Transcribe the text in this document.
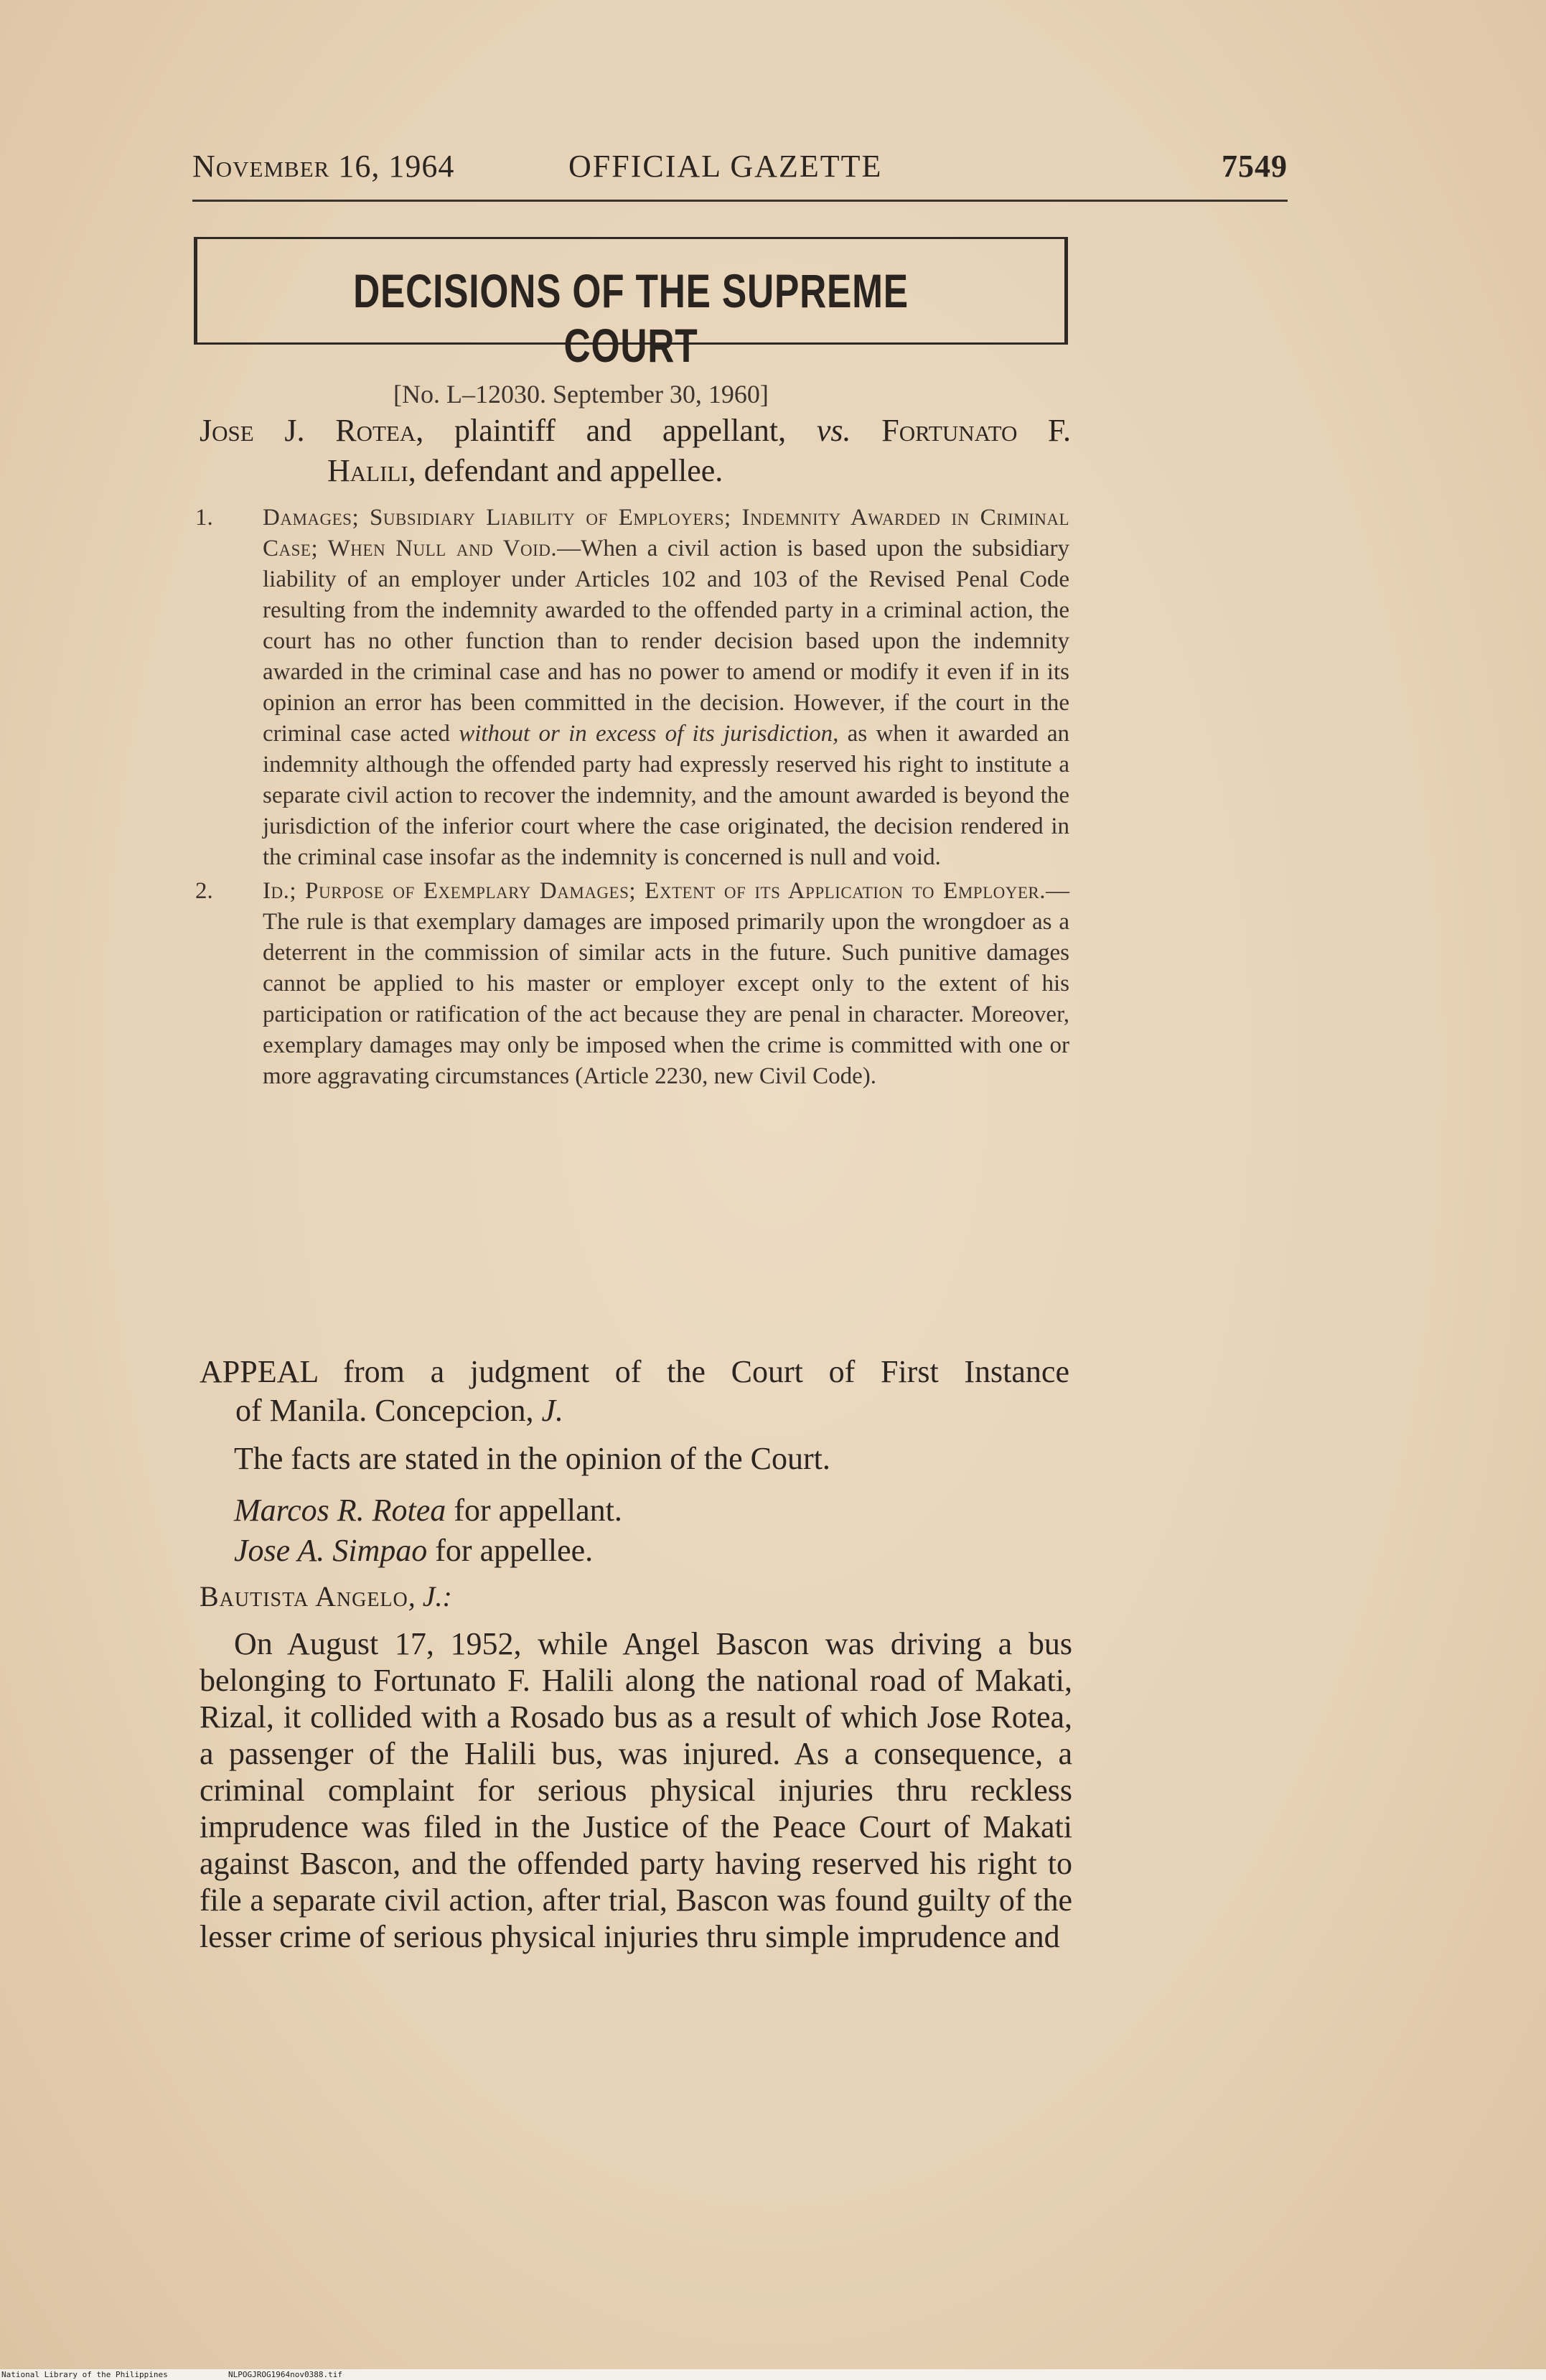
November 16, 1964	OFFICIAL GAZETTE	7549
DECISIONS OF THE SUPREME COURT
[No. L–12030. September 30, 1960]
Jose J. Rotea, plaintiff and appellant, vs. Fortunato F.
Halili, defendant and appellee.
1. Damages; Subsidiary Liability of Employers; Indemnity Awarded in Criminal Case; When Null and Void.—When a civil action is based upon the subsidiary liability of an employer under Articles 102 and 103 of the Revised Penal Code resulting from the indemnity awarded to the offended party in a criminal action, the court has no other function than to render decision based upon the indemnity awarded in the criminal case and has no power to amend or modify it even if in its opinion an error has been committed in the decision. However, if the court in the criminal case acted without or in excess of its jurisdiction, as when it awarded an indemnity although the offended party had expressly reserved his right to institute a separate civil action to recover the indemnity, and the amount awarded is beyond the jurisdiction of the inferior court where the case originated, the decision rendered in the criminal case insofar as the indemnity is concerned is null and void.
2. Id.; Purpose of Exemplary Damages; Extent of its Application to Employer.—The rule is that exemplary damages are imposed primarily upon the wrongdoer as a deterrent in the commission of similar acts in the future. Such punitive damages cannot be applied to his master or employer except only to the extent of his participation or ratification of the act because they are penal in character. Moreover, exemplary damages may only be imposed when the crime is committed with one or more aggravating circumstances (Article 2230, new Civil Code).
APPEAL from a judgment of the Court of First Instance
of Manila. Concepcion, J.
The facts are stated in the opinion of the Court.
Marcos R. Rotea for appellant.
Jose A. Simpao for appellee.
Bautista Angelo, J.:
On August 17, 1952, while Angel Bascon was driving a bus belonging to Fortunato F. Halili along the national road of Makati, Rizal, it collided with a Rosado bus as a result of which Jose Rotea, a passenger of the Halili bus, was injured. As a consequence, a criminal complaint for serious physical injuries thru reckless imprudence was filed in the Justice of the Peace Court of Makati against Bascon, and the offended party having reserved his right to file a separate civil action, after trial, Bascon was found guilty of the lesser crime of serious physical injuries thru simple imprudence and
National Library of the Philippines	NLPOGJROG1964nov0388.tif
